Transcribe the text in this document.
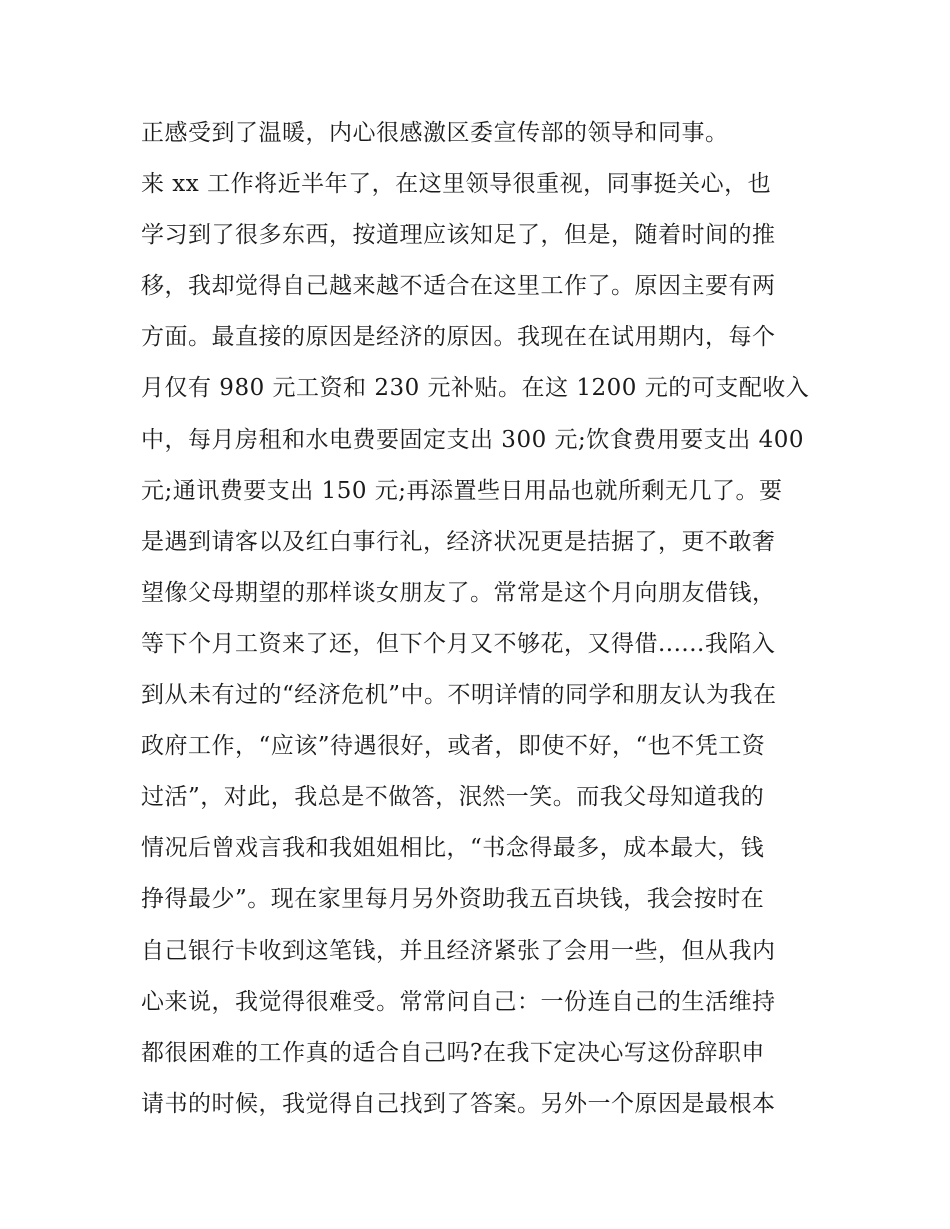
正感受到了温暖，内心很感激区委宣传部的领导和同事。
来 xx 工作将近半年了，在这里领导很重视，同事挺关心，也
学习到了很多东西，按道理应该知足了，但是，随着时间的推
移，我却觉得自己越来越不适合在这里工作了。原因主要有两
方面。最直接的原因是经济的原因。我现在在试用期内，每个
月仅有 980 元工资和 230 元补贴。在这 1200 元的可支配收入
中，每月房租和水电费要固定支出 300 元;饮食费用要支出 400
元;通讯费要支出 150 元;再添置些日用品也就所剩无几了。要
是遇到请客以及红白事行礼，经济状况更是拮据了，更不敢奢
望像父母期望的那样谈女朋友了。常常是这个月向朋友借钱，
等下个月工资来了还，但下个月又不够花，又得借......我陷入
到从未有过的“经济危机”中。不明详情的同学和朋友认为我在
政府工作，“应该”待遇很好，或者，即使不好，“也不凭工资
过活”，对此，我总是不做答，泯然一笑。而我父母知道我的
情况后曾戏言我和我姐姐相比，“书念得最多，成本最大，钱
挣得最少”。现在家里每月另外资助我五百块钱，我会按时在
自己银行卡收到这笔钱，并且经济紧张了会用一些，但从我内
心来说，我觉得很难受。常常问自己：一份连自己的生活维持
都很困难的工作真的适合自己吗?在我下定决心写这份辞职申
请书的时候，我觉得自己找到了答案。另外一个原因是最根本
